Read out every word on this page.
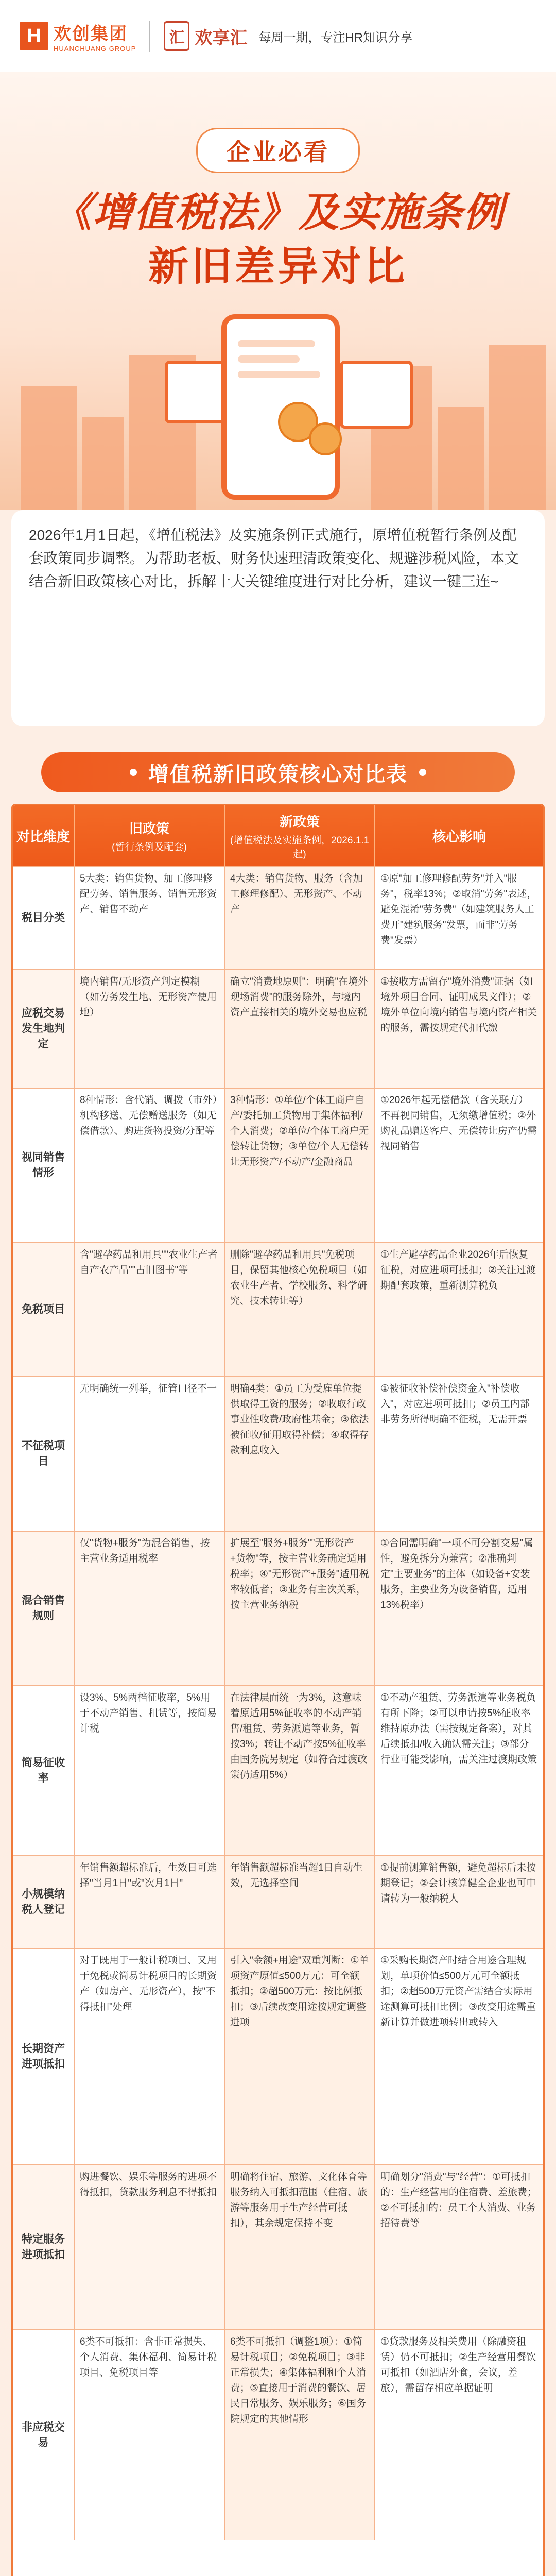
H 欢创集团
HUANCHUANG GROUP
汇 欢享汇 每周一期，专注HR知识分享
企业必看
《增值税法》及实施条例
新旧差异对比
2026年1月1日起，《增值税法》及实施条例正式施行，原增值税暂行条例及配套政策同步调整。为帮助老板、财务快速理清政策变化、规避涉税风险，本文结合新旧政策核心对比，拆解十大关键维度进行对比分析，建议一键三连~
增值税新旧政策核心对比表
对比维度
旧政策
(暂行条例及配套)
新政策
(增值税法及实施条例，2026.1.1起)
核心影响
税目分类
5大类：销售货物、加工修理修配劳务、销售服务、销售无形资产、销售不动产
4大类：销售货物、服务（含加工修理修配）、无形资产、不动产
①原"加工修理修配劳务"并入"服务"，税率13%；②取消"劳务"表述，避免混淆"劳务费"（如建筑服务人工费开"建筑服务"发票，而非"劳务费"发票）
应税交易发生地判定
境内销售/无形资产判定模糊（如劳务发生地、无形资产使用地）
确立"消费地原则"：明确"在境外现场消费"的服务除外，与境内资产直接相关的境外交易也应税
①接收方需留存"境外消费"证据（如境外项目合同、证明成果文件）；②境外单位向境内销售与境内资产相关的服务，需按规定代扣代缴
视同销售情形
8种情形：含代销、调拨（市外）机构移送、无偿赠送服务（如无偿借款）、购进货物投资/分配等
3种情形：①单位/个体工商户自产/委托加工货物用于集体福利/个人消费；②单位/个体工商户无偿转让货物；③单位/个人无偿转让无形资产/不动产/金融商品
①2026年起无偿借款（含关联方）不再视同销售，无须缴增值税；②外购礼品赠送客户、无偿转让房产仍需视同销售
免税项目
含"避孕药品和用具""农业生产者自产农产品""古旧图书"等
删除"避孕药品和用具"免税项目，保留其他核心免税项目（如农业生产者、学校服务、科学研究、技术转让等）
①生产避孕药品企业2026年后恢复征税，对应进项可抵扣；②关注过渡期配套政策，重新测算税负
不征税项目
无明确统一列举，征管口径不一	明确4类：①员工为受雇单位提供取得工资的服务；②收取行政事业性收费/政府性基金；③依法被征收/征用取得补偿；④取得存款利息收入
①被征收补偿补偿资金入"补偿收入"，对应进项可抵扣；②员工内部非劳务所得明确不征税，无需开票
混合销售规则
仅"货物+服务"为混合销售，按主营业务适用税率
扩展至"服务+服务""无形资产+货物"等，按主营业务确定适用税率；④"无形资产+服务"适用税率较低者；③业务有主次关系，按主营业务纳税
①合同需明确"一项不可分割交易"属性，避免拆分为兼营；②准确判定"主要业务"的主体（如设备+安装服务，主要业务为设备销售，适用13%税率）
简易征收率
设3%、5%两档征收率，5%用于不动产销售、租赁等，按简易计税
在法律层面统一为3%，这意味着原适用5%征收率的不动产销售/租赁、劳务派遣等业务，暂按3%；转让不动产按5%征收率由国务院另规定（如符合过渡政策仍适用5%）
①不动产租赁、劳务派遣等业务税负有所下降；②可以申请按5%征收率维持原办法（需按规定备案），对其后续抵扣/收入确认需关注；③部分行业可能受影响，需关注过渡期政策
小规模纳税人登记
年销售额超标准后，生效日可选择"当月1日"或"次月1日"
年销售额超标准当超1日自动生效，无选择空间
①提前测算销售额，避免超标后未按期登记；②会计核算健全企业也可申请转为一般纳税人
长期资产进项抵扣
对于既用于一般计税项目、又用于免税或简易计税项目的长期资产（如房产、无形资产），按"不得抵扣"处理
引入"金额+用途"双重判断：①单项资产原值≤500万元：可全额抵扣；②超500万元：按比例抵扣；③后续改变用途按规定调整进项
①采购长期资产时结合用途合理规划，单项价值≤500万元可全额抵扣；②超500万元资产需结合实际用途测算可抵扣比例；③改变用途需重新计算并做进项转出或转入
特定服务进项抵扣
购进餐饮、娱乐等服务的进项不得抵扣，贷款服务利息不得抵扣
明确将住宿、旅游、文化体育等服务纳入可抵扣范围（住宿、旅游等服务用于生产经营可抵扣），其余规定保持不变
明确划分"消费"与"经营"：①可抵扣的：生产经营用的住宿费、差旅费；②不可抵扣的：员工个人消费、业务招待费等
非应税交易
6类不可抵扣：含非正常损失、个人消费、集体福利、简易计税项目、免税项目等
6类不可抵扣（调整1项）：①简易计税项目；②免税项目；③非正常损失；④集体福利和个人消费；⑤直接用于消费的餐饮、居民日常服务、娱乐服务；⑥国务院规定的其他情形
①贷款服务及相关费用（除融资租赁）仍不可抵扣；②生产经营用餐饮可抵扣（如酒店外食，会议，差旅），需留存相应单据证明
